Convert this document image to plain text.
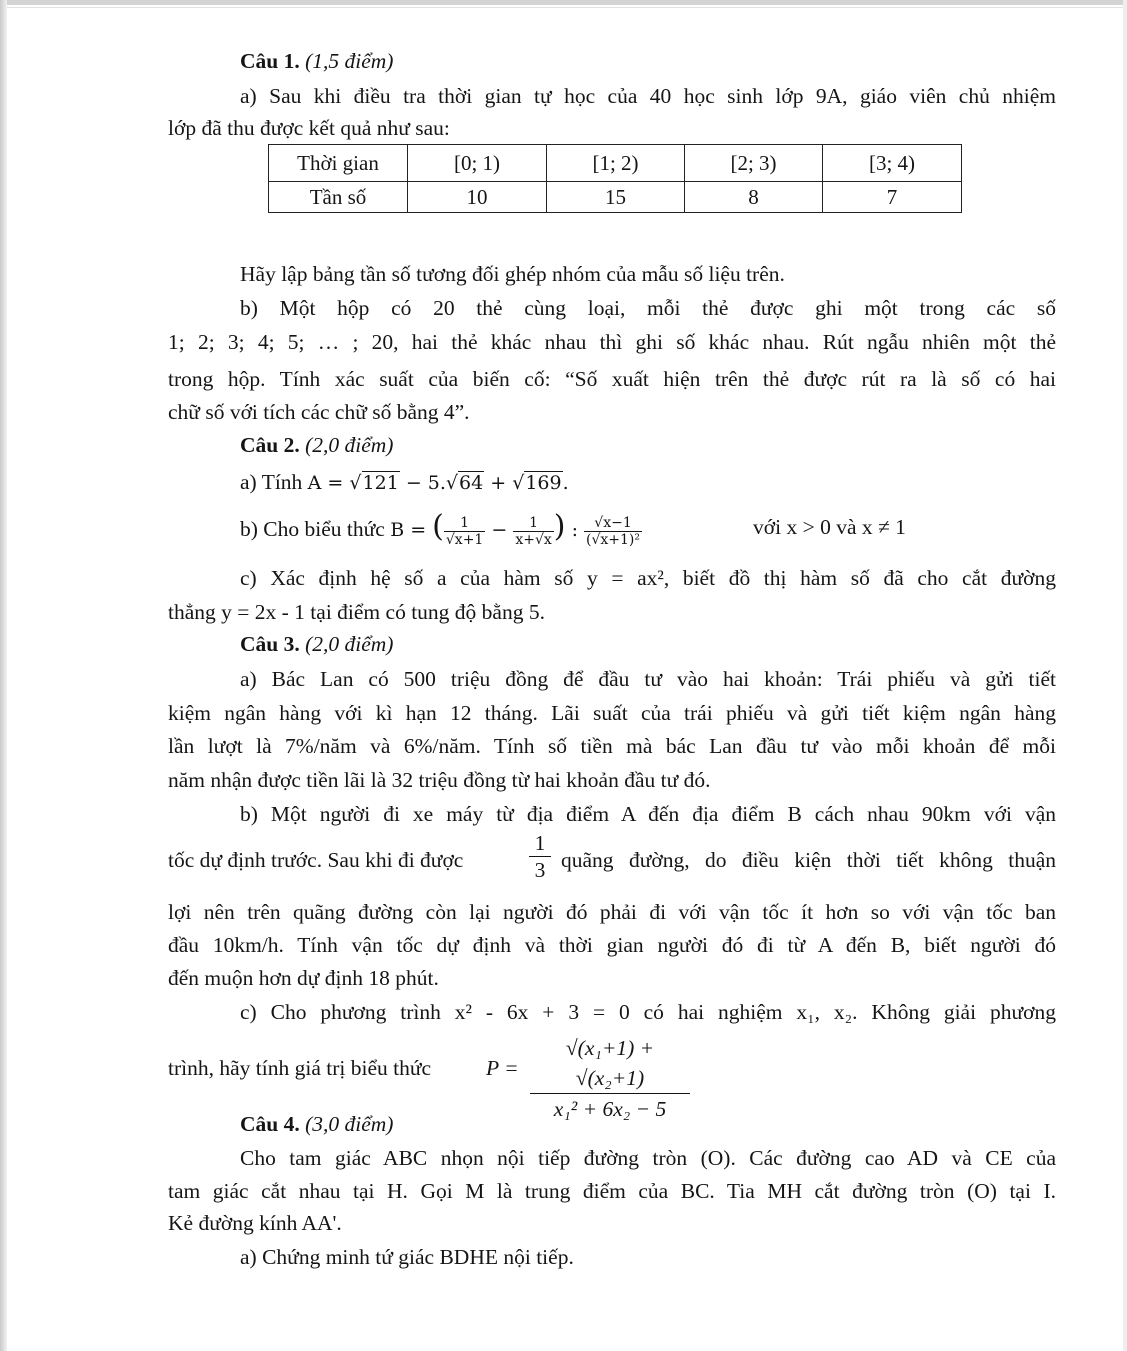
Câu 1. (1,5 điểm)
a) Sau khi điều tra thời gian tự học của 40 học sinh lớp 9A, giáo viên chủ nhiệm
lớp đã thu được kết quả như sau:
Thời gian	[0; 1)	[1; 2)	[2; 3)	[3; 4)
Tần số	10	15	8	7
Hãy lập bảng tần số tương đối ghép nhóm của mẫu số liệu trên.
b) Một hộp có 20 thẻ cùng loại, mỗi thẻ được ghi một trong các số
1; 2; 3; 4; 5; … ; 20, hai thẻ khác nhau thì ghi số khác nhau. Rút ngẫu nhiên một thẻ
trong hộp. Tính xác suất của biến cố: “Số xuất hiện trên thẻ được rút ra là số có hai
chữ số với tích các chữ số bằng 4”.
Câu 2. (2,0 điểm)
a) Tính A = √121 − 5.√64 + √169.
b) Cho biểu thức B = ( $\frac{1}{√x+1} - \frac{1}{x+√x}$ ) : $\frac{√x-1}{\text{(√x+1)²}}$	với x > 0 và x ≠ 1
c) Xác định hệ số a của hàm số y = ax², biết đồ thị hàm số đã cho cắt đường
thẳng y = 2x - 1 tại điểm có tung độ bằng 5.
Câu 3. (2,0 điểm)
a) Bác Lan có 500 triệu đồng để đầu tư vào hai khoản: Trái phiếu và gửi tiết
kiệm ngân hàng với kì hạn 12 tháng. Lãi suất của trái phiếu và gửi tiết kiệm ngân hàng
lần lượt là 7%/năm và 6%/năm. Tính số tiền mà bác Lan đầu tư vào mỗi khoản để mỗi
năm nhận được tiền lãi là 32 triệu đồng từ hai khoản đầu tư đó.
b) Một người đi xe máy từ địa điểm A đến địa điểm B cách nhau 90km với vận
tốc dự định trước. Sau khi đi được	$\frac{1}{3}$ quãng đường, do điều kiện thời tiết không thuận
lợi nên trên quãng đường còn lại người đó phải đi với vận tốc ít hơn so với vận tốc ban
đầu 10km/h. Tính vận tốc dự định và thời gian người đó đi từ A đến B, biết người đó
đến muộn hơn dự định 18 phút.
c) Cho phương trình x² - 6x + 3 = 0 có hai nghiệm x₁, x₂. Không giải phương
trình, hãy tính giá trị biểu thức	$P = \frac{\text{√(x₁+1) + √(x₂+1)}}{\text{x₁² + 6x₂ − 5}}$
Câu 4. (3,0 điểm)
Cho tam giác ABC nhọn nội tiếp đường tròn (O). Các đường cao AD và CE của
tam giác cắt nhau tại H. Gọi M là trung điểm của BC. Tia MH cắt đường tròn (O) tại I.
Kẻ đường kính AA'.
a) Chứng minh tứ giác BDHE nội tiếp.
